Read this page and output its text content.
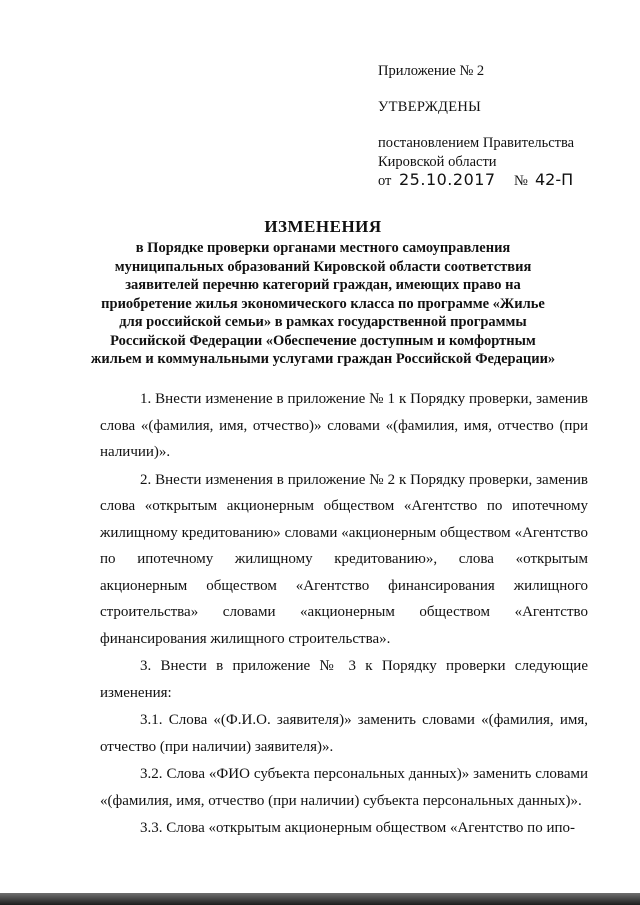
Приложение № 2
УТВЕРЖДЕНЫ
постановлением Правительства
Кировской области
от 25.10.2017 № 42-П
ИЗМЕНЕНИЯ
в Порядке проверки органами местного самоуправления муниципальных образований Кировской области соответствия заявителей перечню категорий граждан, имеющих право на приобретение жилья экономического класса по программе «Жилье для российской семьи» в рамках государственной программы Российской Федерации «Обеспечение доступным и комфортным жильем и коммунальными услугами граждан Российской Федерации»

1. Внести изменение в приложение № 1 к Порядку проверки, заменив слова «(фамилия, имя, отчество)» словами «(фамилия, имя, отчество (при наличии)».

2. Внести изменения в приложение № 2 к Порядку проверки, заменив слова «открытым акционерным обществом «Агентство по ипотечному жилищному кредитованию» словами «акционерным обществом «Агентство по ипотечному жилищному кредитованию», слова «открытым акционерным обществом «Агентство финансирования жилищного строительства» словами «акционерным обществом «Агентство финансирования жилищного строительства».

3. Внести в приложение № 3 к Порядку проверки следующие изменения:

3.1. Слова «(Ф.И.О. заявителя)» заменить словами «(фамилия, имя, отчество (при наличии) заявителя)».

3.2. Слова «ФИО субъекта персональных данных)» заменить словами «(фамилия, имя, отчество (при наличии) субъекта персональных данных)».

3.3. Слова «открытым акционерным обществом «Агентство по ипо-
